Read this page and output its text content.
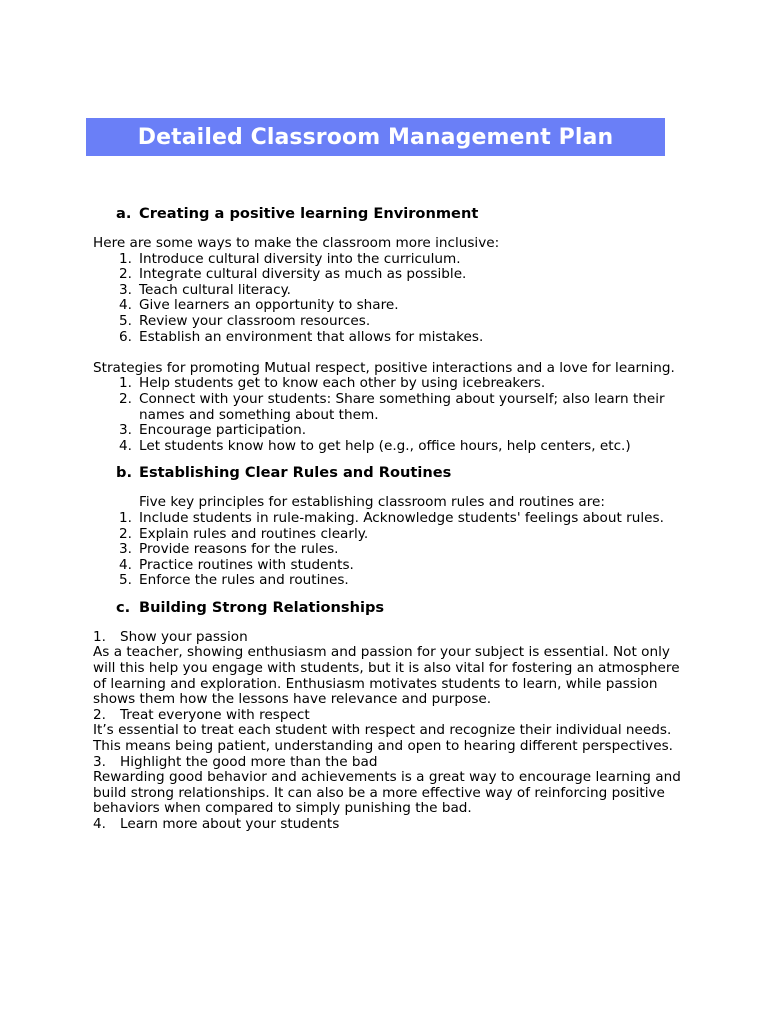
Detailed Classroom Management Plan
a. Creating a positive learning Environment

Here are some ways to make the classroom more inclusive:

1. Introduce cultural diversity into the curriculum.
2. Integrate cultural diversity as much as possible.
3. Teach cultural literacy.
4. Give learners an opportunity to share.
5. Review your classroom resources.
6. Establish an environment that allows for mistakes.

Strategies for promoting Mutual respect, positive interactions and a love for learning.

1. Help students get to know each other by using icebreakers.
2. Connect with your students: Share something about yourself; also learn their names and something about them.
3. Encourage participation.
4. Let students know how to get help (e.g., office hours, help centers, etc.)
b. Establishing Clear Rules and Routines

Five key principles for establishing classroom rules and routines are:

1. Include students in rule-making. Acknowledge students' feelings about rules.
2. Explain rules and routines clearly.
3. Provide reasons for the rules.
4. Practice routines with students.
5. Enforce the rules and routines.
c. Building Strong Relationships
1.	Show your passion

As a teacher, showing enthusiasm and passion for your subject is essential. Not only will this help you engage with students, but it is also vital for fostering an atmosphere of learning and exploration. Enthusiasm motivates students to learn, while passion shows them how the lessons have relevance and purpose.

2.	Treat everyone with respect

It’s essential to treat each student with respect and recognize their individual needs. This means being patient, understanding and open to hearing different perspectives.

3.	Highlight the good more than the bad

Rewarding good behavior and achievements is a great way to encourage learning and build strong relationships. It can also be a more effective way of reinforcing positive behaviors when compared to simply punishing the bad.

4.	Learn more about your students
